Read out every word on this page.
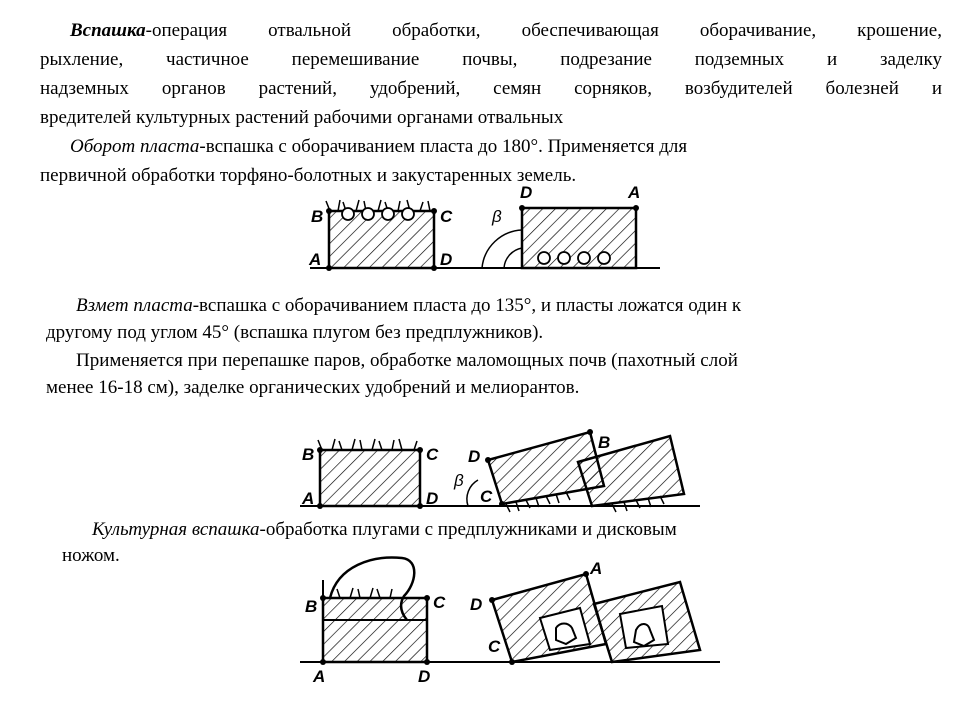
Вспашка-операция отвальной обработки, обеспечивающая оборачивание, крошение,
рыхление, частичное перемешивание почвы, подрезание подземных и заделку
надземных органов растений, удобрений, семян сорняков, возбудителей болезней и
вредителей культурных растений рабочими органами отвальных
Оборот пласта-вспашка с оборачиванием пласта до 180°. Применяется для
первичной обработки торфяно-болотных и закустаренных земель.
Взмет пласта-вспашка с оборачиванием пласта до 135°, и пласты ложатся один к
другому под углом 45° (вспашка плугом без предплужников).
Применяется при перепашке паров, обработке маломощных почв (пахотный слой
менее 16-18 см), заделке органических удобрений и мелиорантов.
Культурная вспашка-обработка плугами с предплужниками и дисковым
ножом.
B
A
C
D
β
D	A
B
A
C
D
β
D
B
C
B	C
A	D
A
D
C
